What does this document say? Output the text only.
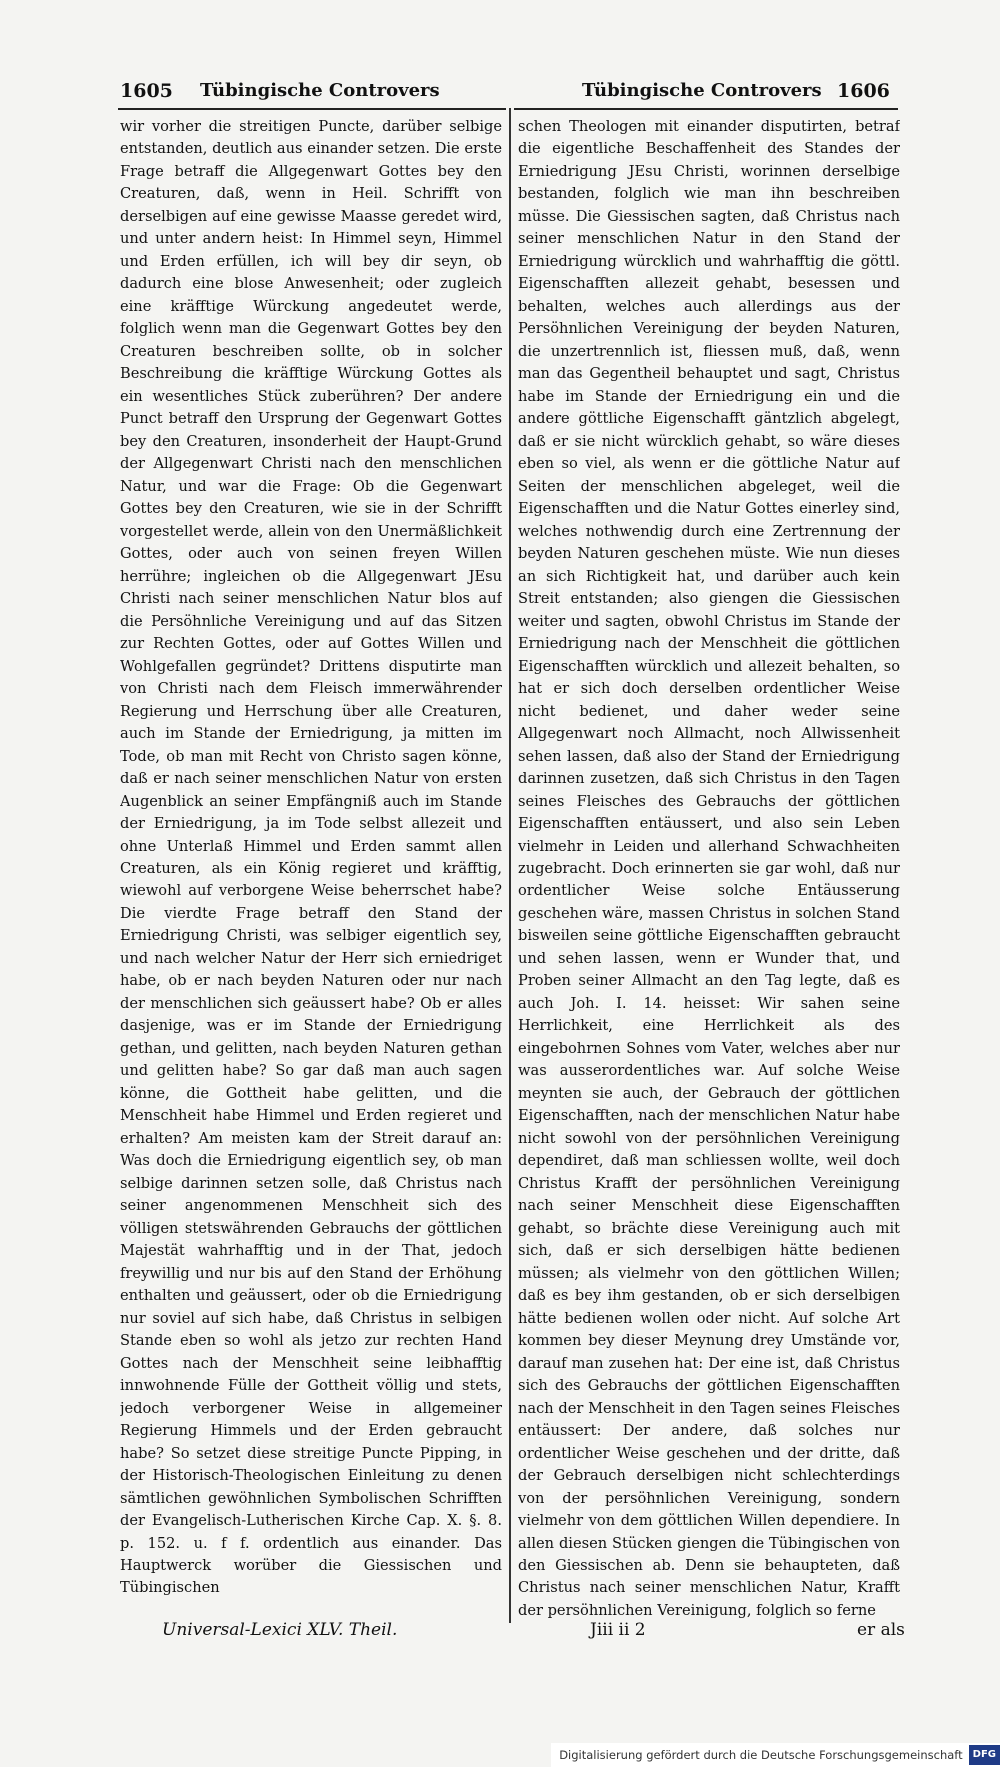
1605 Tübingische Controvers	Tübingische Controvers 1606

wir vorher die streitigen Puncte, darüber selbige entstanden, deutlich aus einander setzen. Die erste Frage betraff die Allgegenwart Gottes bey den Creaturen, daß, wenn in Heil. Schrifft von derselbigen auf eine gewisse Maasse geredet wird, und unter andern heist: In Himmel seyn, Himmel und Erden erfüllen, ich will bey dir seyn, ob dadurch eine blose Anwesenheit; oder zugleich eine kräfftige Würckung angedeutet werde, folglich wenn man die Gegenwart Gottes bey den Creaturen beschreiben sollte, ob in solcher Beschreibung die kräfftige Würckung Gottes als ein wesentliches Stück zuberühren? Der andere Punct betraff den Ursprung der Gegenwart Gottes bey den Creaturen, insonderheit der Haupt-Grund der Allgegenwart Christi nach den menschlichen Natur, und war die Frage: Ob die Gegenwart Gottes bey den Creaturen, wie sie in der Schrifft vorgestellet werde, allein von den Unermäßlichkeit Gottes, oder auch von seinen freyen Willen herrühre; ingleichen ob die Allgegenwart JEsu Christi nach seiner menschlichen Natur blos auf die Persöhnliche Vereinigung und auf das Sitzen zur Rechten Gottes, oder auf Gottes Willen und Wohlgefallen gegründet? Drittens disputirte man von Christi nach dem Fleisch immerwährender Regierung und Herrschung über alle Creaturen, auch im Stande der Erniedrigung, ja mitten im Tode, ob man mit Recht von Christo sagen könne, daß er nach seiner menschlichen Natur von ersten Augenblick an seiner Empfängniß auch im Stande der Erniedrigung, ja im Tode selbst allezeit und ohne Unterlaß Himmel und Erden sammt allen Creaturen, als ein König regieret und kräfftig, wiewohl auf verborgene Weise beherrschet habe? Die vierdte Frage betraff den Stand der Erniedrigung Christi, was selbiger eigentlich sey, und nach welcher Natur der Herr sich erniedriget habe, ob er nach beyden Naturen oder nur nach der menschlichen sich geäussert habe? Ob er alles dasjenige, was er im Stande der Erniedrigung gethan, und gelitten, nach beyden Naturen gethan und gelitten habe? So gar daß man auch sagen könne, die Gottheit habe gelitten, und die Menschheit habe Himmel und Erden regieret und erhalten? Am meisten kam der Streit darauf an: Was doch die Erniedrigung eigentlich sey, ob man selbige darinnen setzen solle, daß Christus nach seiner angenommenen Menschheit sich des völligen stetswährenden Gebrauchs der göttlichen Majestät wahrhafftig und in der That, jedoch freywillig und nur bis auf den Stand der Erhöhung enthalten und geäussert, oder ob die Erniedrigung nur soviel auf sich habe, daß Christus in selbigen Stande eben so wohl als jetzo zur rechten Hand Gottes nach der Menschheit seine leibhafftig innwohnende Fülle der Gottheit völlig und stets, jedoch verborgener Weise in allgemeiner Regierung Himmels und der Erden gebraucht habe? So setzet diese streitige Puncte Pipping, in der Historisch-Theologischen Einleitung zu denen sämtlichen gewöhnlichen Symbolischen Schrifften der Evangelisch-Lutherischen Kirche Cap. X. §. 8. p. 152. u. f f. ordentlich aus einander. Das Hauptwerck worüber die Giessischen und Tübingischen

schen Theologen mit einander disputirten, betraf die eigentliche Beschaffenheit des Standes der Erniedrigung JEsu Christi, worinnen derselbige bestanden, folglich wie man ihn beschreiben müsse. Die Giessischen sagten, daß Christus nach seiner menschlichen Natur in den Stand der Erniedrigung würcklich und wahrhafftig die göttl. Eigenschafften allezeit gehabt, besessen und behalten, welches auch allerdings aus der Persöhnlichen Vereinigung der beyden Naturen, die unzertrennlich ist, fliessen muß, daß, wenn man das Gegentheil behauptet und sagt, Christus habe im Stande der Erniedrigung ein und die andere göttliche Eigenschafft gäntzlich abgelegt, daß er sie nicht würcklich gehabt, so wäre dieses eben so viel, als wenn er die göttliche Natur auf Seiten der menschlichen abgeleget, weil die Eigenschafften und die Natur Gottes einerley sind, welches nothwendig durch eine Zertrennung der beyden Naturen geschehen müste. Wie nun dieses an sich Richtigkeit hat, und darüber auch kein Streit entstanden; also giengen die Giessischen weiter und sagten, obwohl Christus im Stande der Erniedrigung nach der Menschheit die göttlichen Eigenschafften würcklich und allezeit behalten, so hat er sich doch derselben ordentlicher Weise nicht bedienet, und daher weder seine Allgegenwart noch Allmacht, noch Allwissenheit sehen lassen, daß also der Stand der Erniedrigung darinnen zusetzen, daß sich Christus in den Tagen seines Fleisches des Gebrauchs der göttlichen Eigenschafften entäussert, und also sein Leben vielmehr in Leiden und allerhand Schwachheiten zugebracht. Doch erinnerten sie gar wohl, daß nur ordentlicher Weise solche Entäusserung geschehen wäre, massen Christus in solchen Stand bisweilen seine göttliche Eigenschafften gebraucht und sehen lassen, wenn er Wunder that, und Proben seiner Allmacht an den Tag legte, daß es auch Joh. I. 14. heisset: Wir sahen seine Herrlichkeit, eine Herrlichkeit als des eingebohrnen Sohnes vom Vater, welches aber nur was ausserordentliches war. Auf solche Weise meynten sie auch, der Gebrauch der göttlichen Eigenschafften, nach der menschlichen Natur habe nicht sowohl von der persöhnlichen Vereinigung dependiret, daß man schliessen wollte, weil doch Christus Krafft der persöhnlichen Vereinigung nach seiner Menschheit diese Eigenschafften gehabt, so brächte diese Vereinigung auch mit sich, daß er sich derselbigen hätte bedienen müssen; als vielmehr von den göttlichen Willen; daß es bey ihm gestanden, ob er sich derselbigen hätte bedienen wollen oder nicht. Auf solche Art kommen bey dieser Meynung drey Umstände vor, darauf man zusehen hat: Der eine ist, daß Christus sich des Gebrauchs der göttlichen Eigenschafften nach der Menschheit in den Tagen seines Fleisches entäussert: Der andere, daß solches nur ordentlicher Weise geschehen und der dritte, daß der Gebrauch derselbigen nicht schlechterdings von der persöhnlichen Vereinigung, sondern vielmehr von dem göttlichen Willen dependiere. In allen diesen Stücken giengen die Tübingischen von den Giessischen ab. Denn sie behaupteten, daß Christus nach seiner menschlichen Natur, Krafft der persöhnlichen Vereinigung, folglich so ferne

Universal-Lexici XLV. Theil.	Jiii ii 2	er als
Digitalisierung gefördert durch die Deutsche Forschungsgemeinschaft	DFG
